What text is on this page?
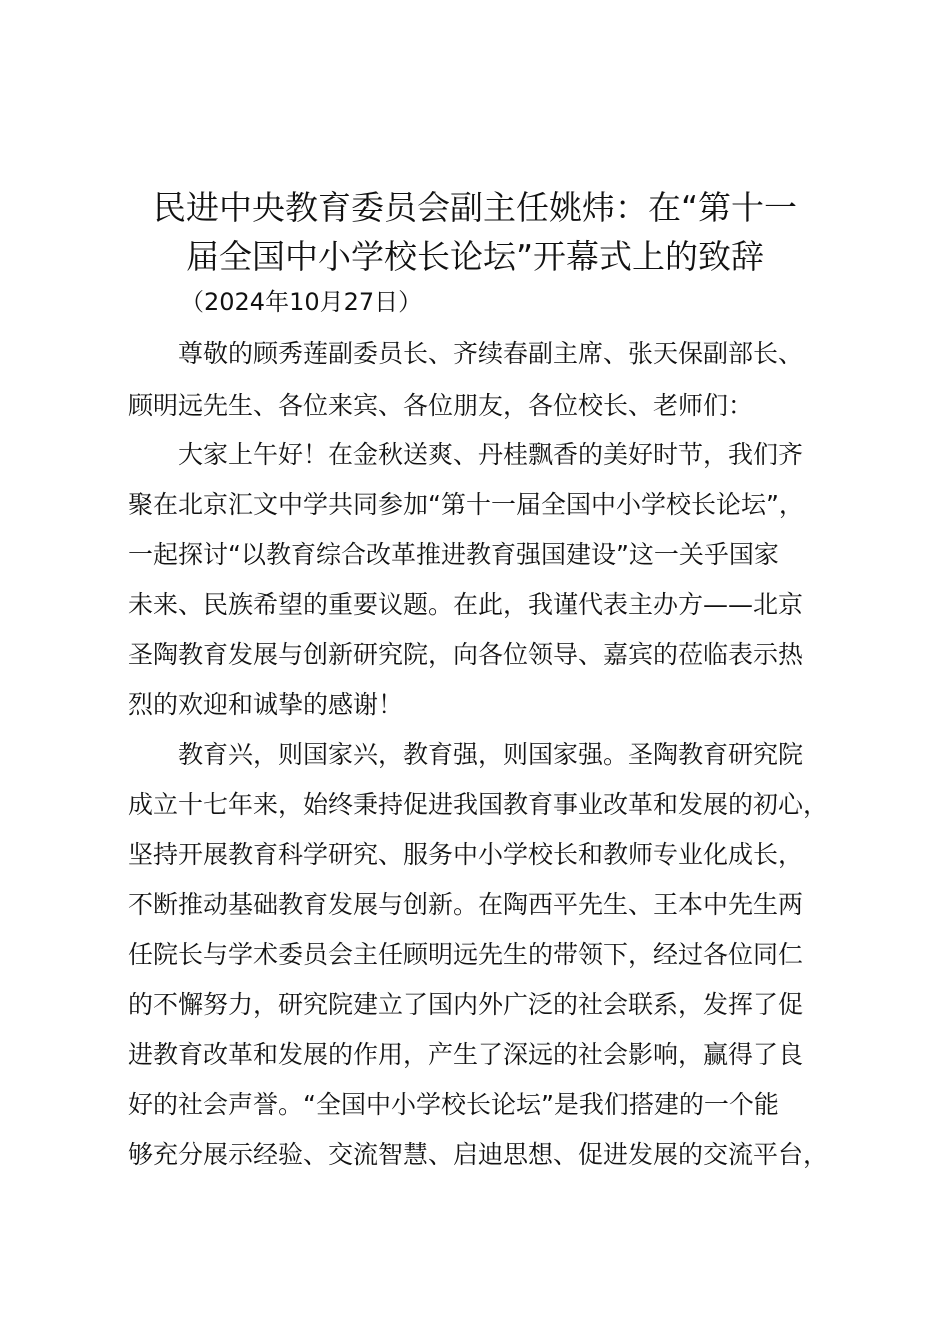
民进中央教育委员会副主任姚炜：在“第十一
届全国中小学校长论坛”开幕式上的致辞
（2024年10月27日）
尊敬的顾秀莲副委员长、齐续春副主席、张天保副部长、
顾明远先生、各位来宾、各位朋友，各位校长、老师们：
大家上午好！在金秋送爽、丹桂飘香的美好时节，我们齐
聚在北京汇文中学共同参加“第十一届全国中小学校长论坛”，
一起探讨“以教育综合改革推进教育强国建设”这一关乎国家
未来、民族希望的重要议题。在此，我谨代表主办方——北京
圣陶教育发展与创新研究院，向各位领导、嘉宾的莅临表示热
烈的欢迎和诚挚的感谢！
教育兴，则国家兴，教育强，则国家强。圣陶教育研究院
成立十七年来，始终秉持促进我国教育事业改革和发展的初心，
坚持开展教育科学研究、服务中小学校长和教师专业化成长，
不断推动基础教育发展与创新。在陶西平先生、王本中先生两
任院长与学术委员会主任顾明远先生的带领下，经过各位同仁
的不懈努力，研究院建立了国内外广泛的社会联系，发挥了促
进教育改革和发展的作用，产生了深远的社会影响，赢得了良
好的社会声誉。“全国中小学校长论坛”是我们搭建的一个能
够充分展示经验、交流智慧、启迪思想、促进发展的交流平台，
